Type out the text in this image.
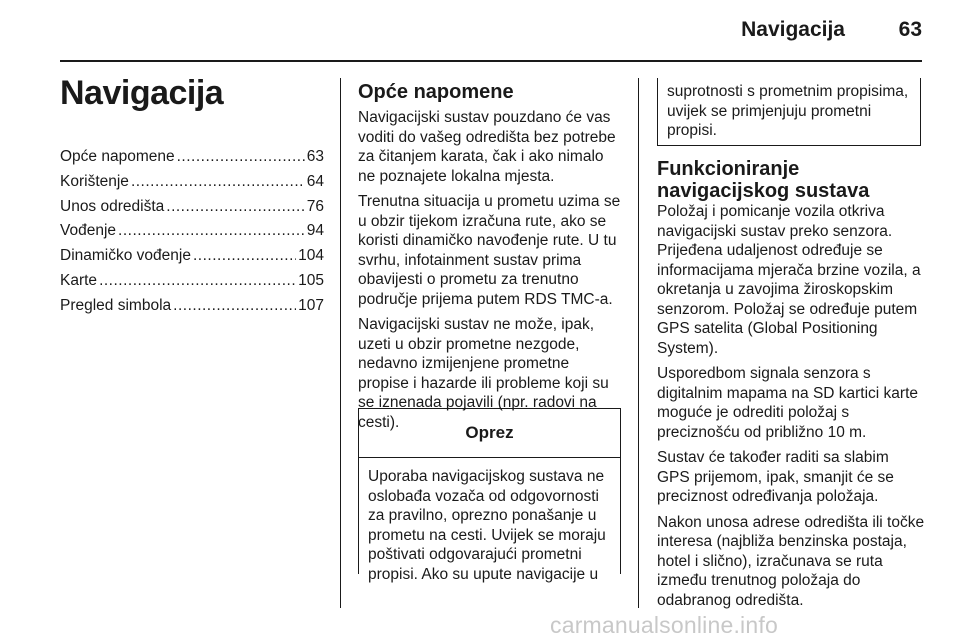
Navigacija	63
Navigacija
Opće napomene .....	63
Korištenje .....	64
Unos odredišta .....	76
Vođenje .....	94
Dinamičko vođenje .....	104
Karte .....	105
Pregled simbola .....	107
Opće napomene

Navigacijski sustav pouzdano će vas voditi do vašeg odredišta bez potrebe za čitanjem karata, čak i ako nimalo ne poznajete lokalna mjesta.

Trenutna situacija u prometu uzima se u obzir tijekom izračuna rute, ako se koristi dinamičko navođenje rute. U tu svrhu, infotainment sustav prima obavijesti o prometu za trenutno područje prijema putem RDS TMC-a.

Navigacijski sustav ne može, ipak, uzeti u obzir prometne nezgode, nedavno izmijenjene prometne propise i hazarde ili probleme koji su se iznenada pojavili (npr. radovi na cesti).

Oprez
Uporaba navigacijskog sustava ne oslobađa vozača od odgovornosti za pravilno, oprezno ponašanje u prometu na cesti. Uvijek se moraju poštivati odgovarajući prometni propisi. Ako su upute navigacije u
suprotnosti s prometnim propisima, uvijek se primjenjuju prometni propisi.
Funkcioniranje navigacijskog sustava

Položaj i pomicanje vozila otkriva navigacijski sustav preko senzora. Prijeđena udaljenost određuje se informacijama mjerača brzine vozila, a okretanja u zavojima žiroskopskim senzorom. Položaj se određuje putem GPS satelita (Global Positioning System).

Usporedbom signala senzora s digitalnim mapama na SD kartici karte moguće je odrediti položaj s preciznošću od približno 10 m.

Sustav će također raditi sa slabim GPS prijemom, ipak, smanjit će se preciznost određivanja položaja.

Nakon unosa adrese odredišta ili točke interesa (najbliža benzinska postaja, hotel i slično), izračunava se ruta između trenutnog položaja do odabranog odredišta.

carmanualsonline.info
